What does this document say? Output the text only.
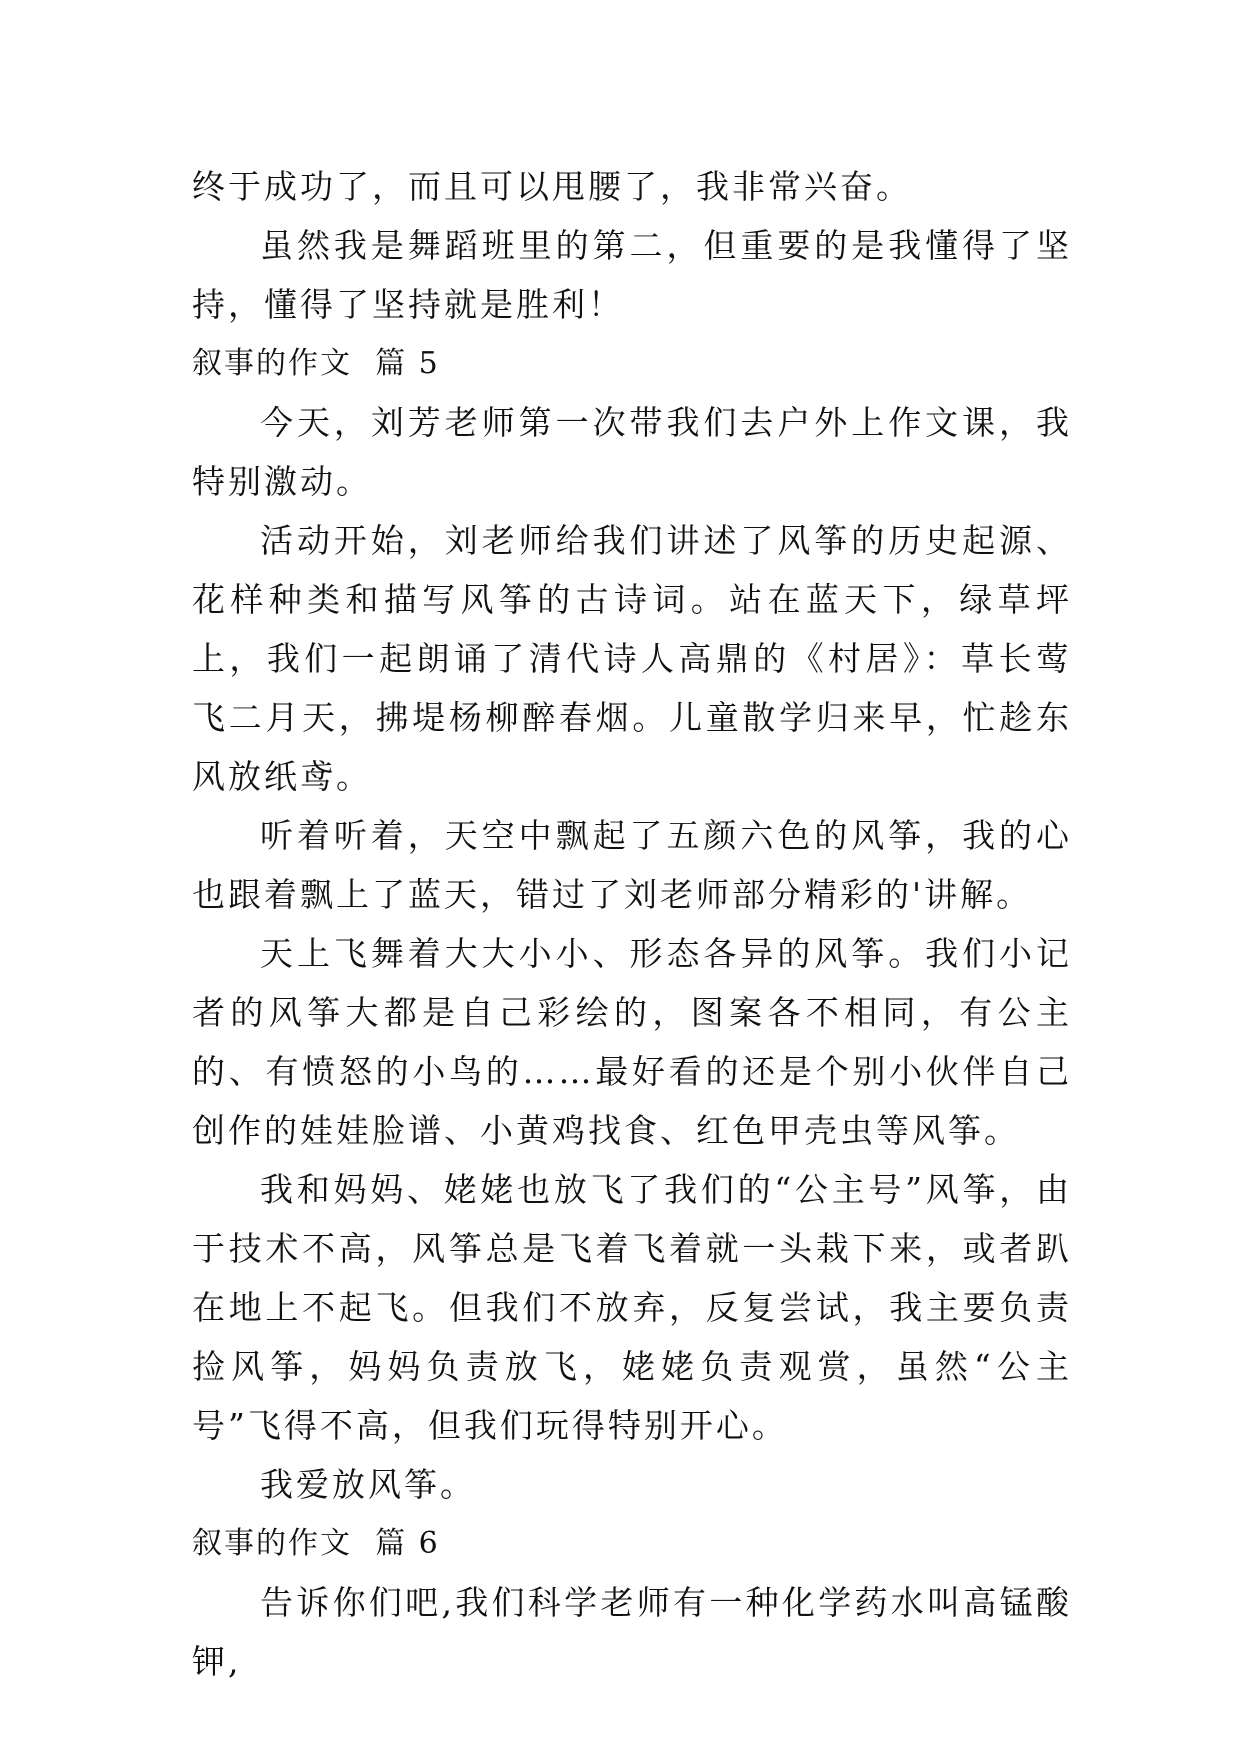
终于成功了，而且可以甩腰了，我非常兴奋。

虽然我是舞蹈班里的第二，但重要的是我懂得了坚持，懂得了坚持就是胜利！

叙事的作文  篇 5

今天，刘芳老师第一次带我们去户外上作文课，我特别激动。

活动开始，刘老师给我们讲述了风筝的历史起源、花样种类和描写风筝的古诗词。站在蓝天下，绿草坪上，我们一起朗诵了清代诗人高鼎的《村居》：草长莺飞二月天，拂堤杨柳醉春烟。儿童散学归来早，忙趁东风放纸鸢。

听着听着，天空中飘起了五颜六色的风筝，我的心也跟着飘上了蓝天，错过了刘老师部分精彩的'讲解。

天上飞舞着大大小小、形态各异的风筝。我们小记者的风筝大都是自己彩绘的，图案各不相同，有公主的、有愤怒的小鸟的……最好看的还是个别小伙伴自己创作的娃娃脸谱、小黄鸡找食、红色甲壳虫等风筝。

我和妈妈、姥姥也放飞了我们的“公主号”风筝，由于技术不高，风筝总是飞着飞着就一头栽下来，或者趴在地上不起飞。但我们不放弃，反复尝试，我主要负责捡风筝，妈妈负责放飞，姥姥负责观赏，虽然“公主号”飞得不高，但我们玩得特别开心。

我爱放风筝。

叙事的作文  篇 6

告诉你们吧,我们科学老师有一种化学药水叫高锰酸钾,
